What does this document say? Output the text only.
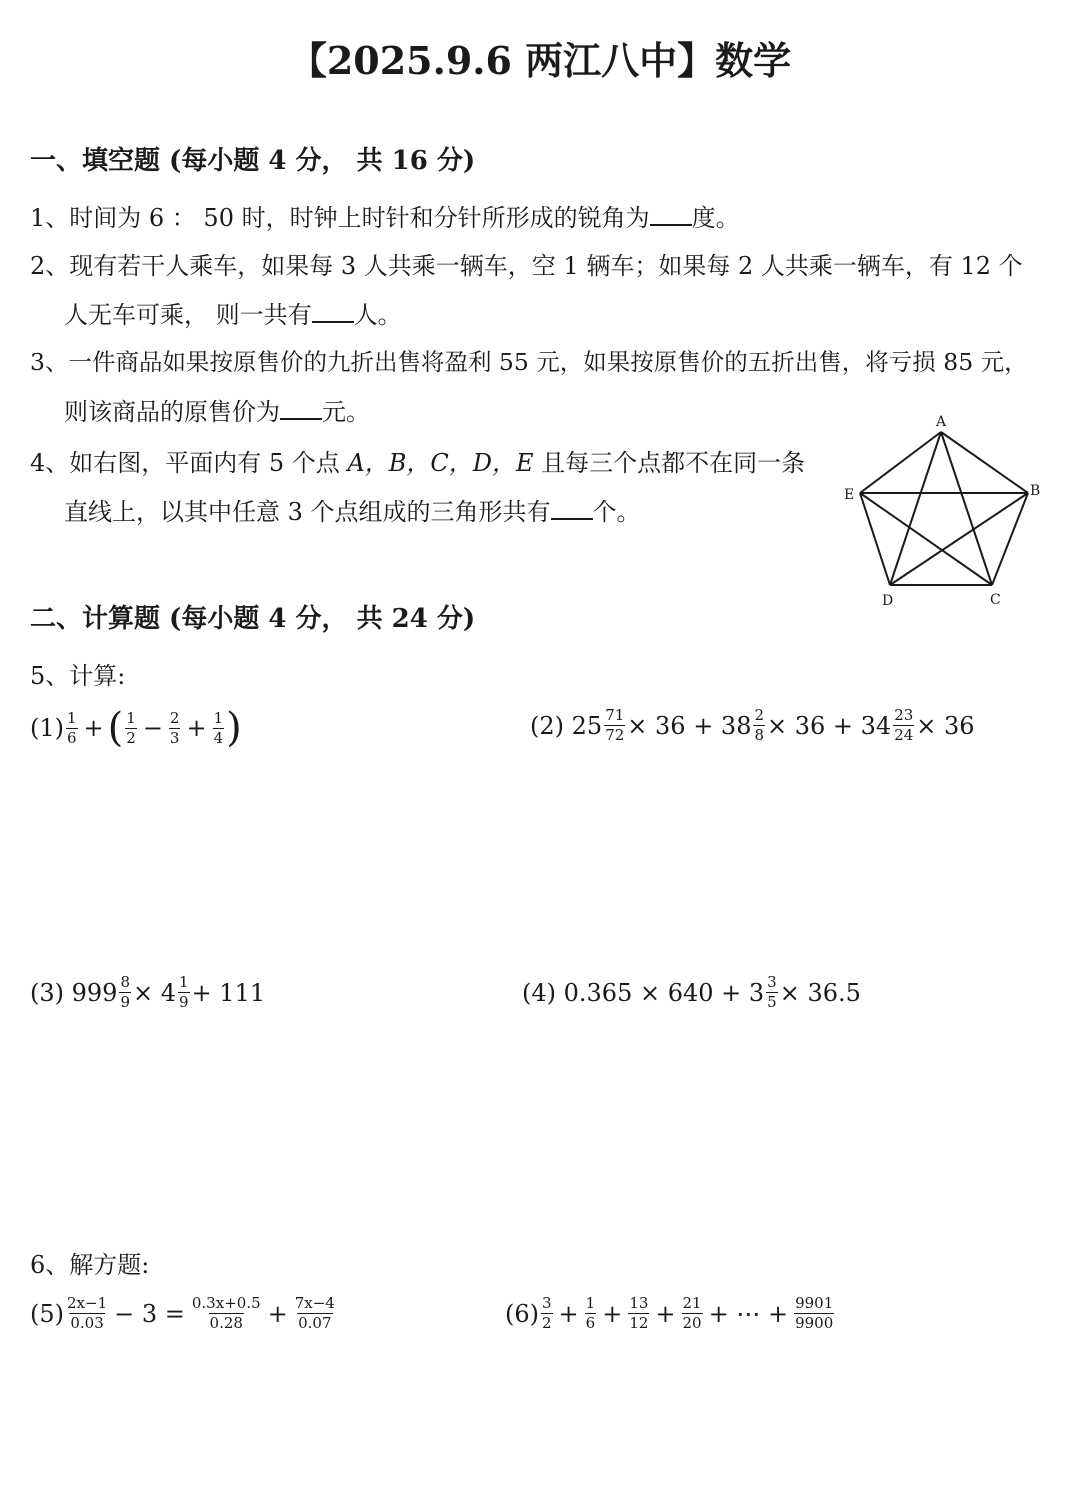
【2025.9.6 两江八中】数学
一、填空题 (每小题 4 分， 共 16 分)
1、时间为 6 ： 50 时，时钟上时针和分针所形成的锐角为 度。
2、现有若干人乘车，如果每 3 人共乘一辆车，空 1 辆车；如果每 2 人共乘一辆车，有 12 个
人无车可乘， 则一共有 人。
3、一件商品如果按原售价的九折出售将盈利 55 元，如果按原售价的五折出售，将亏损 85 元，
则该商品的原售价为 元。
4、如右图，平面内有 5 个点 A，B，C，D，E 且每三个点都不在同一条
直线上，以其中任意 3 个点组成的三角形共有 个。
A
E	B
C
D
二、计算题 (每小题 4 分， 共 24 分)
5、计算:
$(1) \frac{1}{6}$ + ( $\frac{1}{2} - \frac{2}{3} + \frac{1}{4}$ )	(2)
$25 \frac{71}{72} \times 36 + 38 \frac{2}{8} \times 36 + 34 \frac{23}{24} \times 36$
(3)
$999 \frac{8}{9} \times 4 \frac{1}{9} + 111$	(4)
$0.365 \times 640 + 3 \frac{3}{5} \times 36.5$
6、解方题:
$(5) \frac{2x-1}{0.03} - 3 = \frac{0.3x+0.5}{0.28} + \frac{7x-4}{0.07}$	$(6) \frac{3}{2} + \frac{1}{6} + \frac{13}{12} + \frac{21}{20}$ + ⋯ + $\frac{9901}{9900}$
